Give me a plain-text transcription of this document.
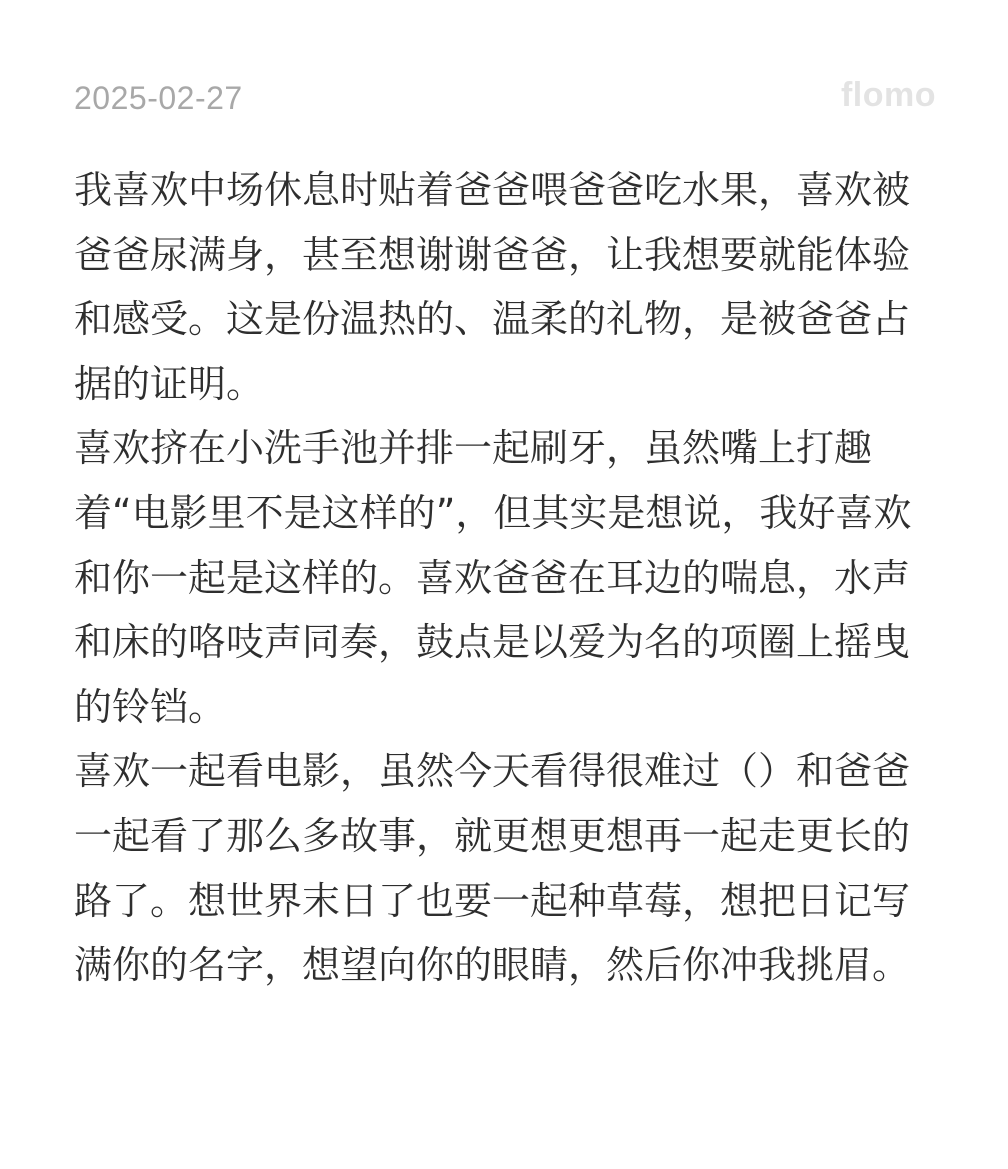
2025-02-27	flomo

我喜欢中场休息时贴着爸爸喂爸爸吃水果，喜欢被爸爸尿满身，甚至想谢谢爸爸，让我想要就能体验和感受。这是份温热的、温柔的礼物，是被爸爸占据的证明。

喜欢挤在小洗手池并排一起刷牙，虽然嘴上打趣着“电影里不是这样的”，但其实是想说，我好喜欢和你一起是这样的。喜欢爸爸在耳边的喘息，水声和床的咯吱声同奏，鼓点是以爱为名的项圈上摇曳的铃铛。

喜欢一起看电影，虽然今天看得很难过（）和爸爸一起看了那么多故事，就更想更想再一起走更长的路了。想世界末日了也要一起种草莓，想把日记写满你的名字，想望向你的眼睛，然后你冲我挑眉。
